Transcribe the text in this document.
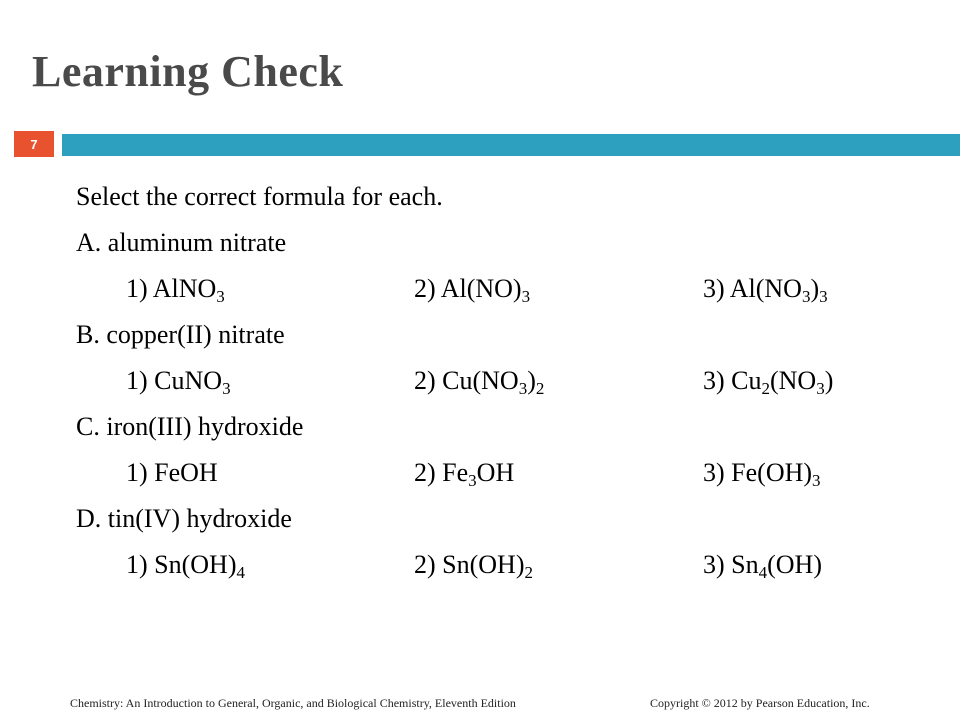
Learning Check
7
Select the correct formula for each.
A. aluminum nitrate
1) AlNO$_3$	2) $Al(NO)_3$	3) $Al(NO_3)_3$
B. copper(II) nitrate
1) CuNO$_3$	2) $Cu(NO_3)_2$	3) $Cu_2(NO_3)$
C. iron(III) hydroxide
1) FeOH	2) $Fe_3OH$	3) $Fe(OH)_3$
D. tin(IV) hydroxide
1) $Sn(OH)_4$	2) $Sn(OH)_2$	3) $Sn_4(OH)$
Chemistry: An Introduction to General, Organic, and Biological Chemistry, Eleventh Edition	Copyright © 2012 by Pearson Education, Inc.
